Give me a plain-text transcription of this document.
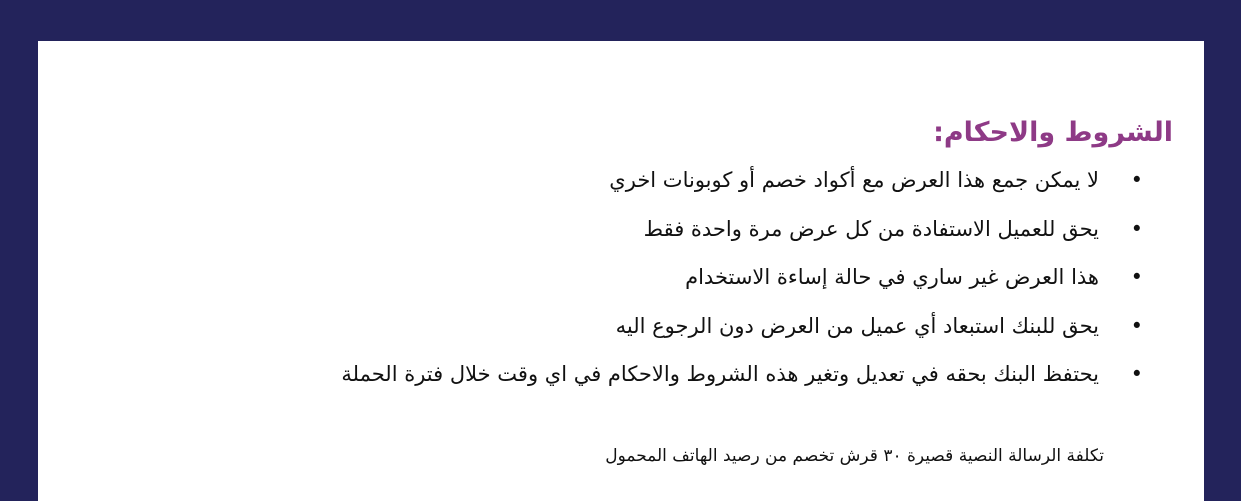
الشروط والاحكام:
•
لا يمكن جمع هذا العرض مع أكواد خصم أو كوبونات اخري
•
يحق للعميل الاستفادة من كل عرض مرة واحدة فقط
•
هذا العرض غير ساري في حالة إساءة الاستخدام
•
يحق للبنك استبعاد أي عميل من العرض دون الرجوع اليه
•
يحتفظ البنك بحقه في تعديل وتغير هذه الشروط والاحكام في اي وقت خلال فترة الحملة

تكلفة الرسالة النصية قصيرة ٣٠ قرش تخصم من رصيد الهاتف المحمول
